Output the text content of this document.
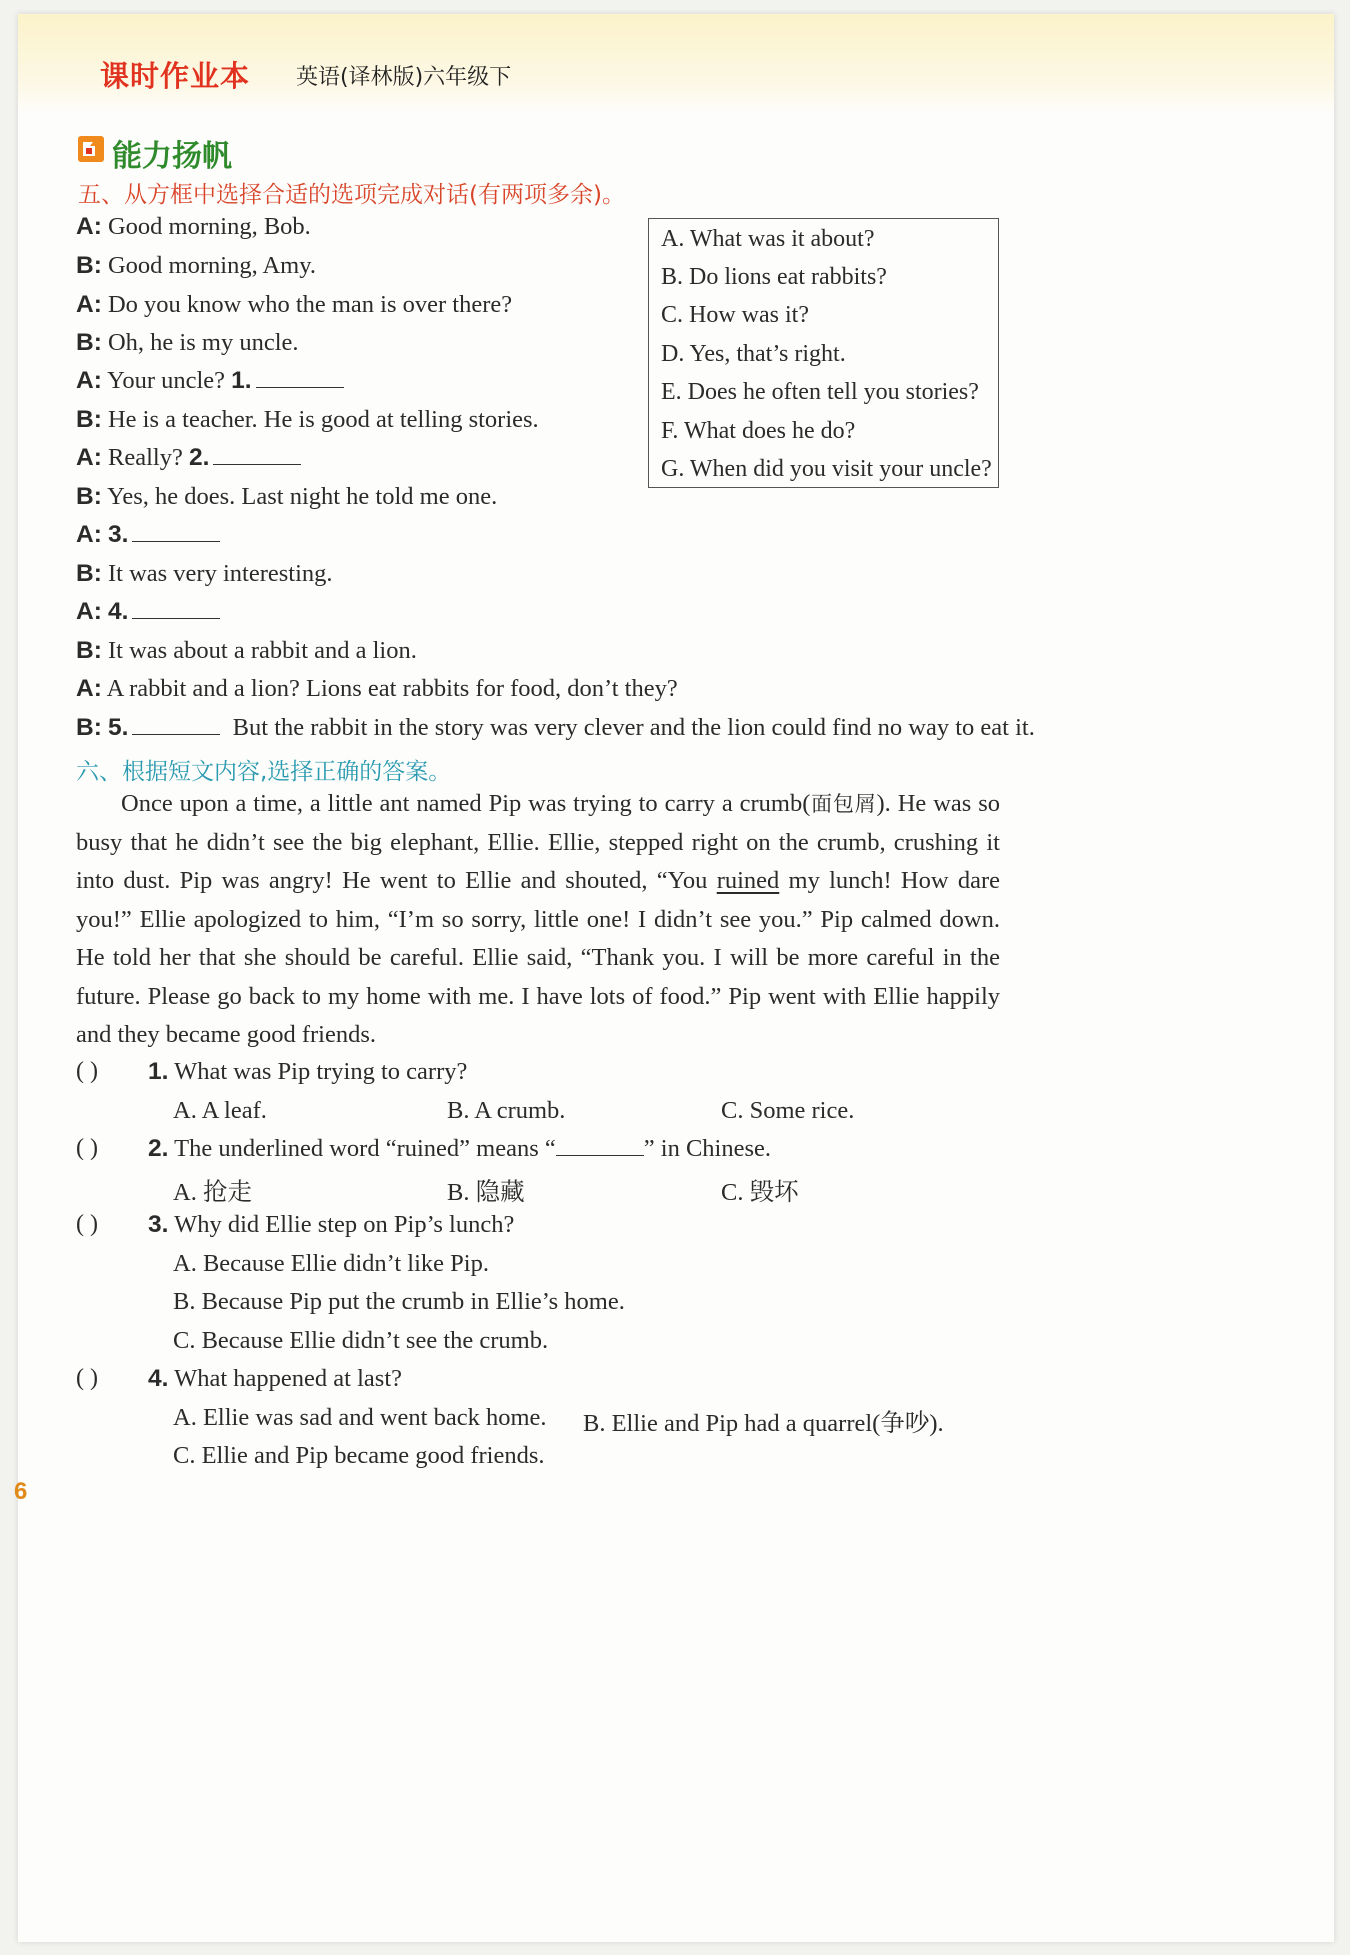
课时作业本 英语(译林版)六年级下
能力扬帆
五、从方框中选择合适的选项完成对话(有两项多余)。
A: Good morning, Bob.
B: Good morning, Amy.
A: Do you know who the man is over there?
B: Oh, he is my uncle.
A: Your uncle? 1.
B: He is a teacher. He is good at telling stories.
A: Really? 2.
B: Yes, he does. Last night he told me one.
A: 3.
B: It was very interesting.
A: 4.
B: It was about a rabbit and a lion.
A: A rabbit and a lion? Lions eat rabbits for food, don’t they?
B: 5.	But the rabbit in the story was very clever and the lion could find no way to eat it.
A. What was it about?
B. Do lions eat rabbits?
C. How was it?
D. Yes, that’s right.
E. Does he often tell you stories?
F. What does he do?
G. When did you visit your uncle?
六、根据短文内容,选择正确的答案。

Once upon a time, a little ant named Pip was trying to carry a crumb(面包屑). He was so busy that he didn’t see the big elephant, Ellie. Ellie, stepped right on the crumb, crushing it into dust. Pip was angry! He went to Ellie and shouted, “You ruined my lunch! How dare you!” Ellie apologized to him, “I’m so sorry, little one! I didn’t see you.” Pip calmed down. He told her that she should be careful. Ellie said, “Thank you. I will be more careful in the future. Please go back to my home with me. I have lots of food.” Pip went with Ellie happily and they became good friends.

( ) 1. What was Pip trying to carry?
A. A leaf.	B. A crumb.	C. Some rice.
( ) 2. The underlined word “ruined” means “	” in Chinese.
A. 抢走	B. 隐藏	C. 毁坏
( ) 3. Why did Ellie step on Pip’s lunch?
A. Because Ellie didn’t like Pip.
B. Because Pip put the crumb in Ellie’s home.
C. Because Ellie didn’t see the crumb.
( ) 4. What happened at last?
A. Ellie was sad and went back home. B. Ellie and Pip had a quarrel(争吵).
C. Ellie and Pip became good friends.
6
